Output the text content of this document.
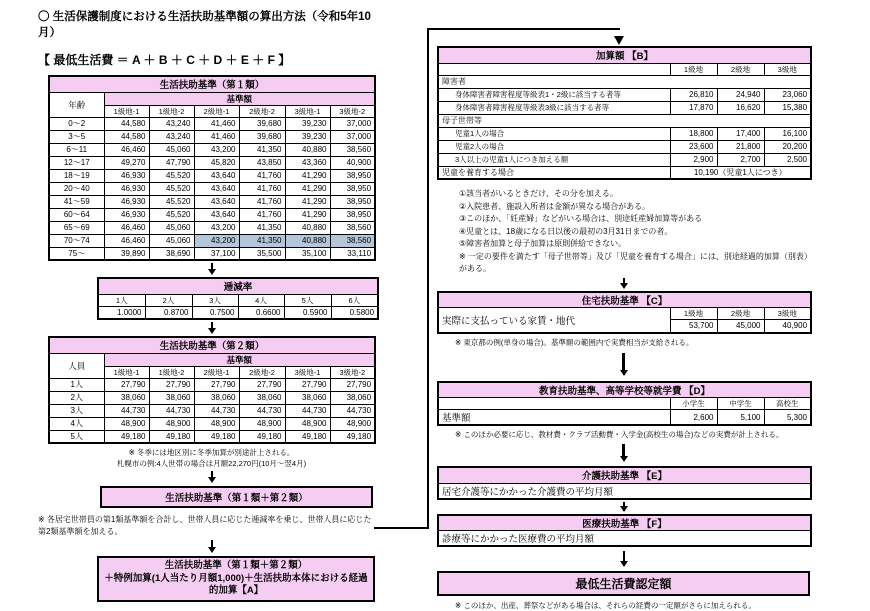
〇 生活保護制度における生活扶助基準額の算出方法（令和5年10月）
【 最低生活費 ＝ A ＋ B ＋ C ＋ D ＋ E ＋ F 】
生活扶助基準（第１類）						
年齢	基準額					
	1級地-1	1級地-2	2級地-1	2級地-2	3級地-1	3級地-2
0～2	44,580	43,240	41,460	39,680	39,230	37,000
3～5	44,580	43,240	41,460	39,680	39,230	37,000
6～11	46,460	45,060	43,200	41,350	40,880	38,560
12～17	49,270	47,790	45,820	43,850	43,360	40,900
18～19	46,930	45,520	43,640	41,760	41,290	38,950
20～40	46,930	45,520	43,640	41,760	41,290	38,950
41～59	46,930	45,520	43,640	41,760	41,290	38,950
60～64	46,930	45,520	43,640	41,760	41,290	38,950
65～69	46,460	45,060	43,200	41,350	40,880	38,560
70～74	46,460	45,060	43,200	41,350	40,880	38,560
75～	39,890	38,690	37,100	35,500	35,100	33,110
逓減率					
1人	2人	3人	4人	5人	6人
1.0000	0.8700	0.7500	0.6600	0.5900	0.5800
生活扶助基準（第２類）						
人員	基準額					
	1級地-1	1級地-2	2級地-1	2級地-2	3級地-1	3級地-2
1人	27,790	27,790	27,790	27,790	27,790	27,790
2人	38,060	38,060	38,060	38,060	38,060	38,060
3人	44,730	44,730	44,730	44,730	44,730	44,730
4人	48,900	48,900	48,900	48,900	48,900	48,900
5人	49,180	49,180	49,180	49,180	49,180	49,180
※ 冬季には地区別に冬季加算が別途計上される。
札幌市の例:4人世帯の場合は月額22,270円(10月～翌4月)
生活扶助基準（第１類＋第２類）
※ 各居宅世帯員の第1類基準額を合計し、世帯人員に応じた逓減率を乗じ、世帯人員に応じた第2類基準額を加える。
生活扶助基準（第１類＋第２類）
＋特例加算(1人当たり月額1,000)＋生活扶助本体における経過的加算【A】
加算額 【B】			
	1級地	2級地	3級地
障害者			
身体障害者障害程度等級表1・2級に該当する者等	26,810	24,940	23,060
身体障害者障害程度等級表3級に該当する者等	17,870	16,620	15,380
母子世帯等			
児童1人の場合	18,800	17,400	16,100
児童2人の場合	23,600	21,800	20,200
3人以上の児童1人につき加える額	2,900	2,700	2,500
児童を養育する場合	10,190（児童1人につき）		
①該当者がいるときだけ、その分を加える。
②入院患者、施設入所者は金額が異なる場合がある。
③このほか、「妊産婦」などがいる場合は、別途妊産婦加算等がある
④児童とは、18歳になる日以後の最初の3月31日までの者。
⑤障害者加算と母子加算は原則併給できない。
※ 一定の要件を満たす「母子世帯等」及び「児童を養育する場合」には、別途経過的加算（別表）がある。
住宅扶助基準 【C】			
実際に支払っている家賃・地代	1級地	2級地	3級地
	53,700	45,000	40,900
※ 東京都の例(単身の場合)。基準額の範囲内で実費相当が支給される。
教育扶助基準、高等学校等就学費 【D】			
	小学生	中学生	高校生
基準額	2,600	5,100	5,300
※ このほか必要に応じ、教材費・クラブ活動費・入学金(高校生の場合)などの実費が計上される。
介護扶助基準 【E】
居宅介護等にかかった介護費の平均月額
医療扶助基準 【F】
診療等にかかった医療費の平均月額
最低生活費認定額
※ このほか、出産、葬祭などがある場合は、それらの経費の一定額がさらに加えられる。
